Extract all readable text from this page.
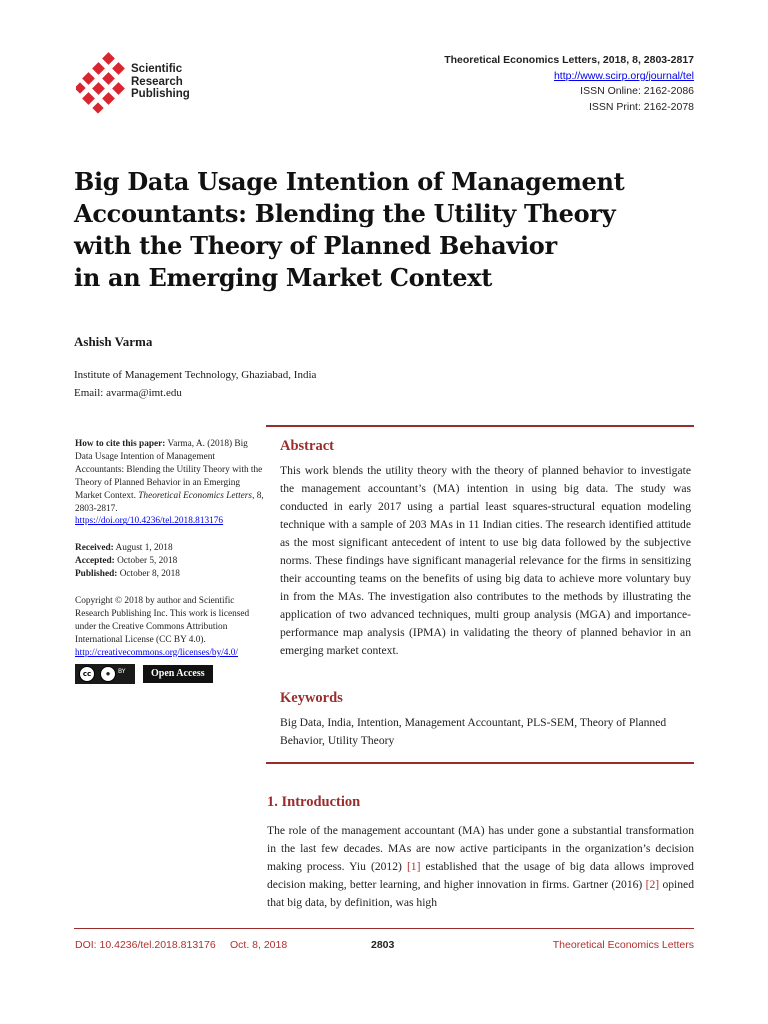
Scientific
Research
Publishing
Theoretical Economics Letters, 2018, 8, 2803-2817
http://www.scirp.org/journal/tel
ISSN Online: 2162-2086
ISSN Print: 2162-2078
Big Data Usage Intention of Management
Accountants: Blending the Utility Theory
with the Theory of Planned Behavior
in an Emerging Market Context
Ashish Varma
Institute of Management Technology, Ghaziabad, India
Email: avarma@imt.edu

How to cite this paper: Varma, A. (2018) Big Data Usage Intention of Management Accountants: Blending the Utility Theory with the Theory of Planned Behavior in an Emerging Market Context. Theoretical Economics Letters, 8, 2803-2817.
https://doi.org/10.4236/tel.2018.813176

Received: August 1, 2018

Accepted: October 5, 2018

Published: October 8, 2018

Copyright © 2018 by author and Scientific Research Publishing Inc. This work is licensed under the Creative Commons Attribution International License (CC BY 4.0).

http://creativecommons.org/licenses/by/4.0/

cc	●	BY	Open Access
Abstract
This work blends the utility theory with the theory of planned behavior to investigate the management accountant’s (MA) intention in using big data. The study was conducted in early 2017 using a partial least squares-structural equation modeling technique with a sample of 203 MAs in 11 Indian cities. The research identified attitude as the most significant antecedent of intent to use big data followed by the subjective norms. These findings have significant managerial relevance for the firms in sensitizing their accounting teams on the benefits of using big data to achieve more voluntary buy in from the MAs. The investigation also contributes to the methods by illustrating the application of two advanced techniques, multi group analysis (MGA) and importance-performance map analysis (IPMA) in validating the theory of planned behavior in an emerging market context.
Keywords
Big Data, India, Intention, Management Accountant, PLS-SEM, Theory of Planned Behavior, Utility Theory
1. Introduction
The role of the management accountant (MA) has under gone a substantial transformation in the last few decades. MAs are now active participants in the organization’s decision making process. Yiu (2012) [1] established that the usage of big data allows improved decision making, better learning, and higher innovation in firms. Gartner (2016) [2] opined that big data, by definition, was high
DOI: 10.4236/tel.2018.813176 Oct. 8, 2018	2803	Theoretical Economics Letters
